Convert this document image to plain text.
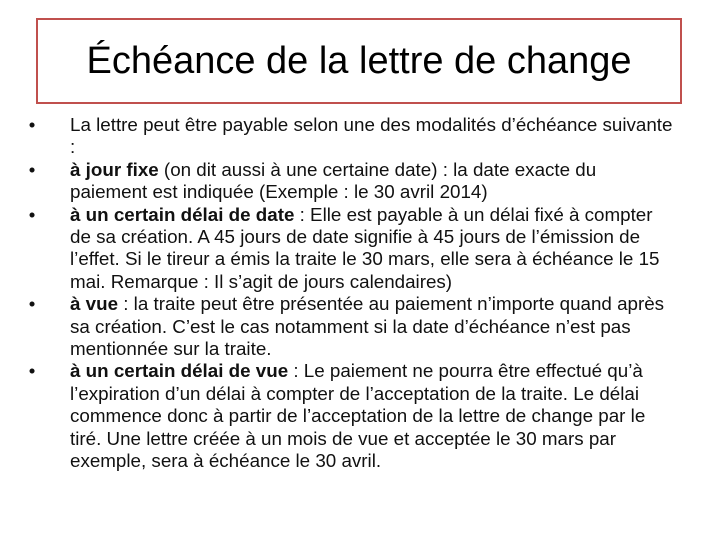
Échéance de la lettre de change
• La lettre peut être payable selon une des modalités d’échéance suivante :
• à jour fixe (on dit aussi à une certaine date) : la date exacte du paiement est indiquée (Exemple : le 30 avril 2014)
• à un certain délai de date : Elle est payable à un délai fixé à compter de sa création. A 45 jours de date signifie à 45 jours de l’émission de l’effet. Si le tireur a émis la traite le 30 mars, elle sera à échéance le 15 mai. Remarque : Il s’agit de jours calendaires)
• à vue : la traite peut être présentée au paiement n’importe quand après sa création. C’est le cas notamment si la date d’échéance n’est pas mentionnée sur la traite.
• à un certain délai de vue : Le paiement ne pourra être effectué qu’à l’expiration d’un délai à compter de l’acceptation de la traite. Le délai commence donc à partir de l’acceptation de la lettre de change par le tiré. Une lettre créée à un mois de vue et acceptée le 30 mars par exemple, sera à échéance le 30 avril.
